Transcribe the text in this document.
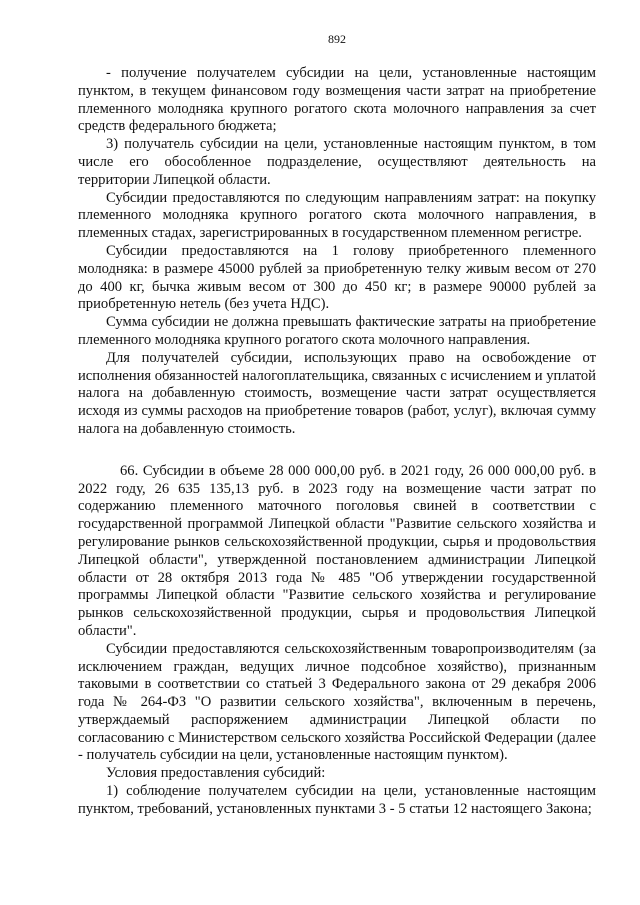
892

- получение получателем субсидии на цели, установленные настоящим пунктом, в текущем финансовом году возмещения части затрат на приобретение племенного молодняка крупного рогатого скота молочного направления за счет средств федерального бюджета;

3) получатель субсидии на цели, установленные настоящим пунктом, в том числе его обособленное подразделение, осуществляют деятельность на территории Липецкой области.

Субсидии предоставляются по следующим направлениям затрат: на покупку племенного молодняка крупного рогатого скота молочного направления, в племенных стадах, зарегистрированных в государственном племенном регистре.

Субсидии предоставляются на 1 голову приобретенного племенного молодняка: в размере 45000 рублей за приобретенную телку живым весом от 270 до 400 кг, бычка живым весом от 300 до 450 кг; в размере 90000 рублей за приобретенную нетель (без учета НДС).

Сумма субсидии не должна превышать фактические затраты на приобретение племенного молодняка крупного рогатого скота молочного направления.

Для получателей субсидии, использующих право на освобождение от исполнения обязанностей налогоплательщика, связанных с исчислением и уплатой налога на добавленную стоимость, возмещение части затрат осуществляется исходя из суммы расходов на приобретение товаров (работ, услуг), включая сумму налога на добавленную стоимость.

66. Субсидии в объеме 28 000 000,00 руб. в 2021 году, 26 000 000,00 руб. в 2022 году, 26 635 135,13 руб. в 2023 году на возмещение части затрат по содержанию племенного маточного поголовья свиней в соответствии с государственной программой Липецкой области "Развитие сельского хозяйства и регулирование рынков сельскохозяйственной продукции, сырья и продовольствия Липецкой области", утвержденной постановлением администрации Липецкой области от 28 октября 2013 года № 485 "Об утверждении государственной программы Липецкой области "Развитие сельского хозяйства и регулирование рынков сельскохозяйственной продукции, сырья и продовольствия Липецкой области".

Субсидии предоставляются сельскохозяйственным товаропроизводителям (за исключением граждан, ведущих личное подсобное хозяйство), признанным таковыми в соответствии со статьей 3 Федерального закона от 29 декабря 2006 года № 264-ФЗ "О развитии сельского хозяйства", включенным в перечень, утверждаемый распоряжением администрации Липецкой области по согласованию с Министерством сельского хозяйства Российской Федерации (далее - получатель субсидии на цели, установленные настоящим пунктом).

Условия предоставления субсидий:

1) соблюдение получателем субсидии на цели, установленные настоящим пунктом, требований, установленных пунктами 3 - 5 статьи 12 настоящего Закона;
